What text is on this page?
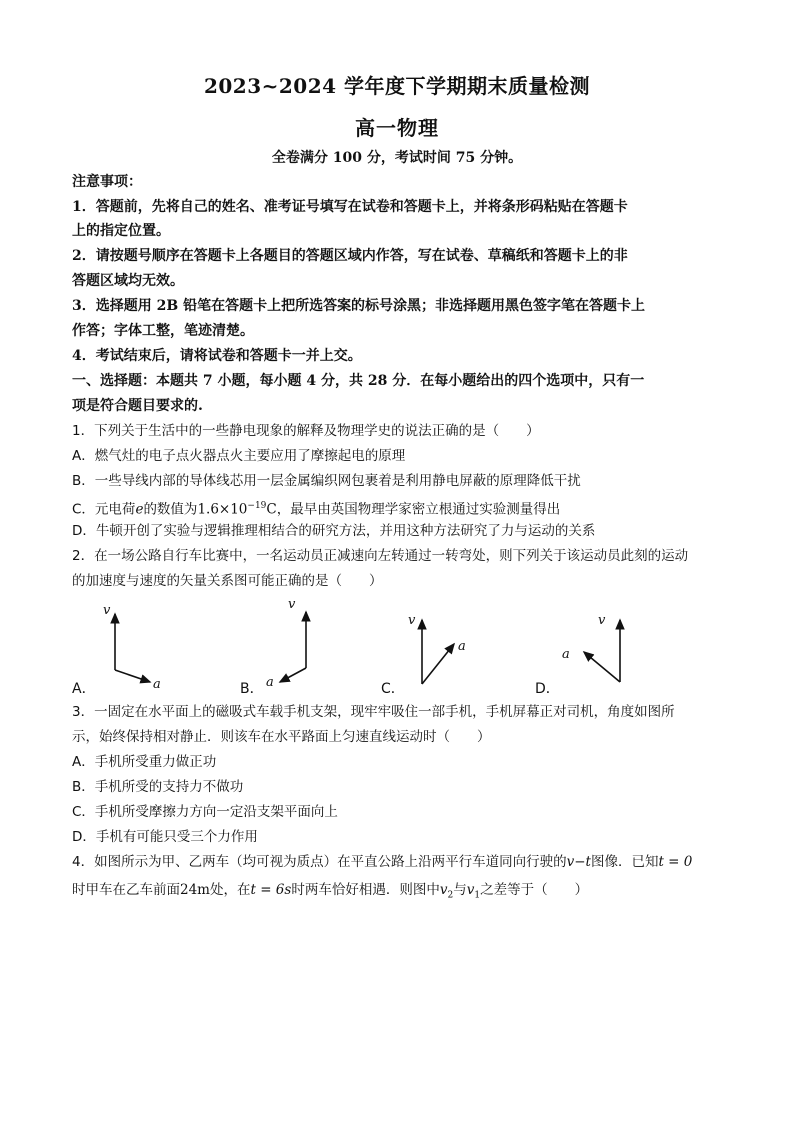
2023~2024 学年度下学期期末质量检测
高一物理
全卷满分 100 分，考试时间 75 分钟。
注意事项：
1．答题前，先将自己的姓名、准考证号填写在试卷和答题卡上，并将条形码粘贴在答题卡
上的指定位置。
2．请按题号顺序在答题卡上各题目的答题区域内作答，写在试卷、草稿纸和答题卡上的非
答题区域均无效。
3．选择题用 2B 铅笔在答题卡上把所选答案的标号涂黑；非选择题用黑色签字笔在答题卡上
作答；字体工整，笔迹清楚。
4．考试结束后，请将试卷和答题卡一并上交。
一、选择题：本题共 7 小题，每小题 4 分，共 28 分．在每小题给出的四个选项中，只有一
项是符合题目要求的.
1．下列关于生活中的一些静电现象的解释及物理学史的说法正确的是（　　）
A．燃气灶的电子点火器点火主要应用了摩擦起电的原理
B．一些导线内部的导体线芯用一层金属编织网包裹着是利用静电屏蔽的原理降低干扰
C．元电荷e的数值为$1.6\times 10^{-19}C$，最早由英国物理学家密立根通过实验测量得出
D．牛顿开创了实验与逻辑推理相结合的研究方法，并用这种方法研究了力与运动的关系
2．在一场公路自行车比赛中，一名运动员正减速向左转通过一转弯处，则下列关于该运动员此刻的运动
的加速度与速度的矢量关系图可能正确的是（　　）
v
a
v
a
v
a
v
a
A．	B．	C．	D．
3．一固定在水平面上的磁吸式车载手机支架，现牢牢吸住一部手机，手机屏幕正对司机，角度如图所
示，始终保持相对静止．则该车在水平路面上匀速直线运动时（　　）
A．手机所受重力做正功
B．手机所受的支持力不做功
C．手机所受摩擦力方向一定沿支架平面向上
D．手机有可能只受三个力作用
4．如图所示为甲、乙两车（均可视为质点）在平直公路上沿两平行车道同向行驶的v−t图像．已知t = 0
时甲车在乙车前面24m处，在t = 6s时两车恰好相遇．则图中$v_2$与$v_1$之差等于（　　）
